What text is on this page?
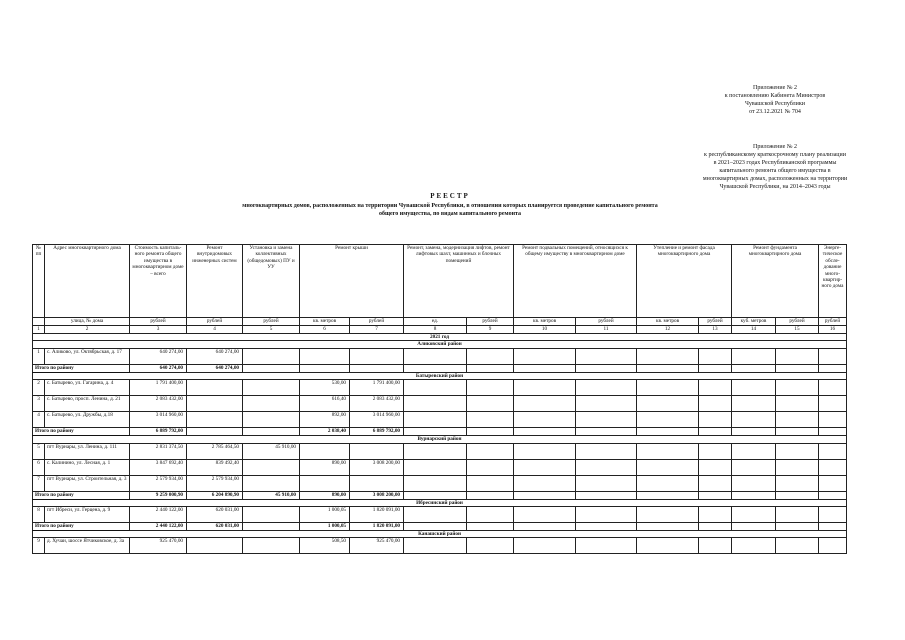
Приложение № 2
к постановлению Кабинета Министров
Чувашской Республики
от 23.12.2021 № 704
Приложение № 2
к республиканскому краткосрочному плану реализации
в 2021–2023 годах Республиканской программы
капитального ремонта общего имущества в
многоквартирных домах, расположенных на территории
Чувашской Республики, на 2014–2043 годы
РЕЕСТР
многоквартирных домов, расположенных на территории Чувашской Республики, в отношении которых планируется проведение капитального ремонта
общего имущества, по видам капитального ремонта
№ пп	Адрес многоквартирного дома	Стоимость капиталь-ного ремонта общего имущества в многоквартирном доме – всего	Ремонт внутридомовых инженерных систем	Установка и замена коллективных (общедомовых) ПУ и УУ	Ремонт крыши		Ремонт, замена, модернизация лифтов, ремонт лифтовых шахт, машинных и блочных помещений		Ремонт подвальных помещений, относящихся к общему имуществу в многоквартирном доме		Утепление и ремонт фасада многоквартирного дома		Ремонт фундамента многоквартирного дома		Энерге-тическое обсле-дование много-квартир-ного дома
	улица, № дома	рублей	рублей	рублей	кв. метров	рублей	ед.	рублей	кв. метров	рублей	кв. метров	рублей	куб. метров	рублей	рублей
1	2	3	4	5	6	7	8	9	10	11	12	13	14	15	16
2021 год															
Аликовский район															
1	с. Аликово, ул. Октябрьская, д. 17	640 274,00	640 274,00												
Итого по району		640 274,00	640 274,00												
Батыревский район															
2	с. Батырево, ул. Гагарина, д. 4	1 791 400,00			530,00	1 791 400,00									
3	с. Батырево, просп. Ленина, д. 21	2 083 432,00			616,40	2 083 432,00									
4	с. Батырево, ул. Дружбы, д.18	3 014 960,00			892,00	3 014 960,00									
Итого по району		6 889 792,00			2 038,40	6 889 792,00									
Вурнарский район															
5	пгт Вурнары, ул. Ленина, д. 111	2 831 374,50	2 785 464,50	45 910,00											
6	с. Калинино, ул. Лесная, д. 1	3 847 692,40	839 492,40		890,00	3 008 200,00									
7	пгт Вурнары, ул. Строительная, д. 3	2 579 934,00	2 579 934,00												
Итого по району		9 259 000,90	6 204 890,90	45 910,00	890,00	3 008 200,00									
Ибресинский район															
8	пгт Ибреси, ул. Герцена, д. 9	2 440 122,00	620 031,00		1 000,05	1 820 091,00									
Итого по району		2 440 122,00	620 031,00		1 000,05	1 820 091,00									
Канашский район															
9	д. Хучаи, шоссе Ятчиковское, д. 3а	925 470,00			508,50	925 470,00									
